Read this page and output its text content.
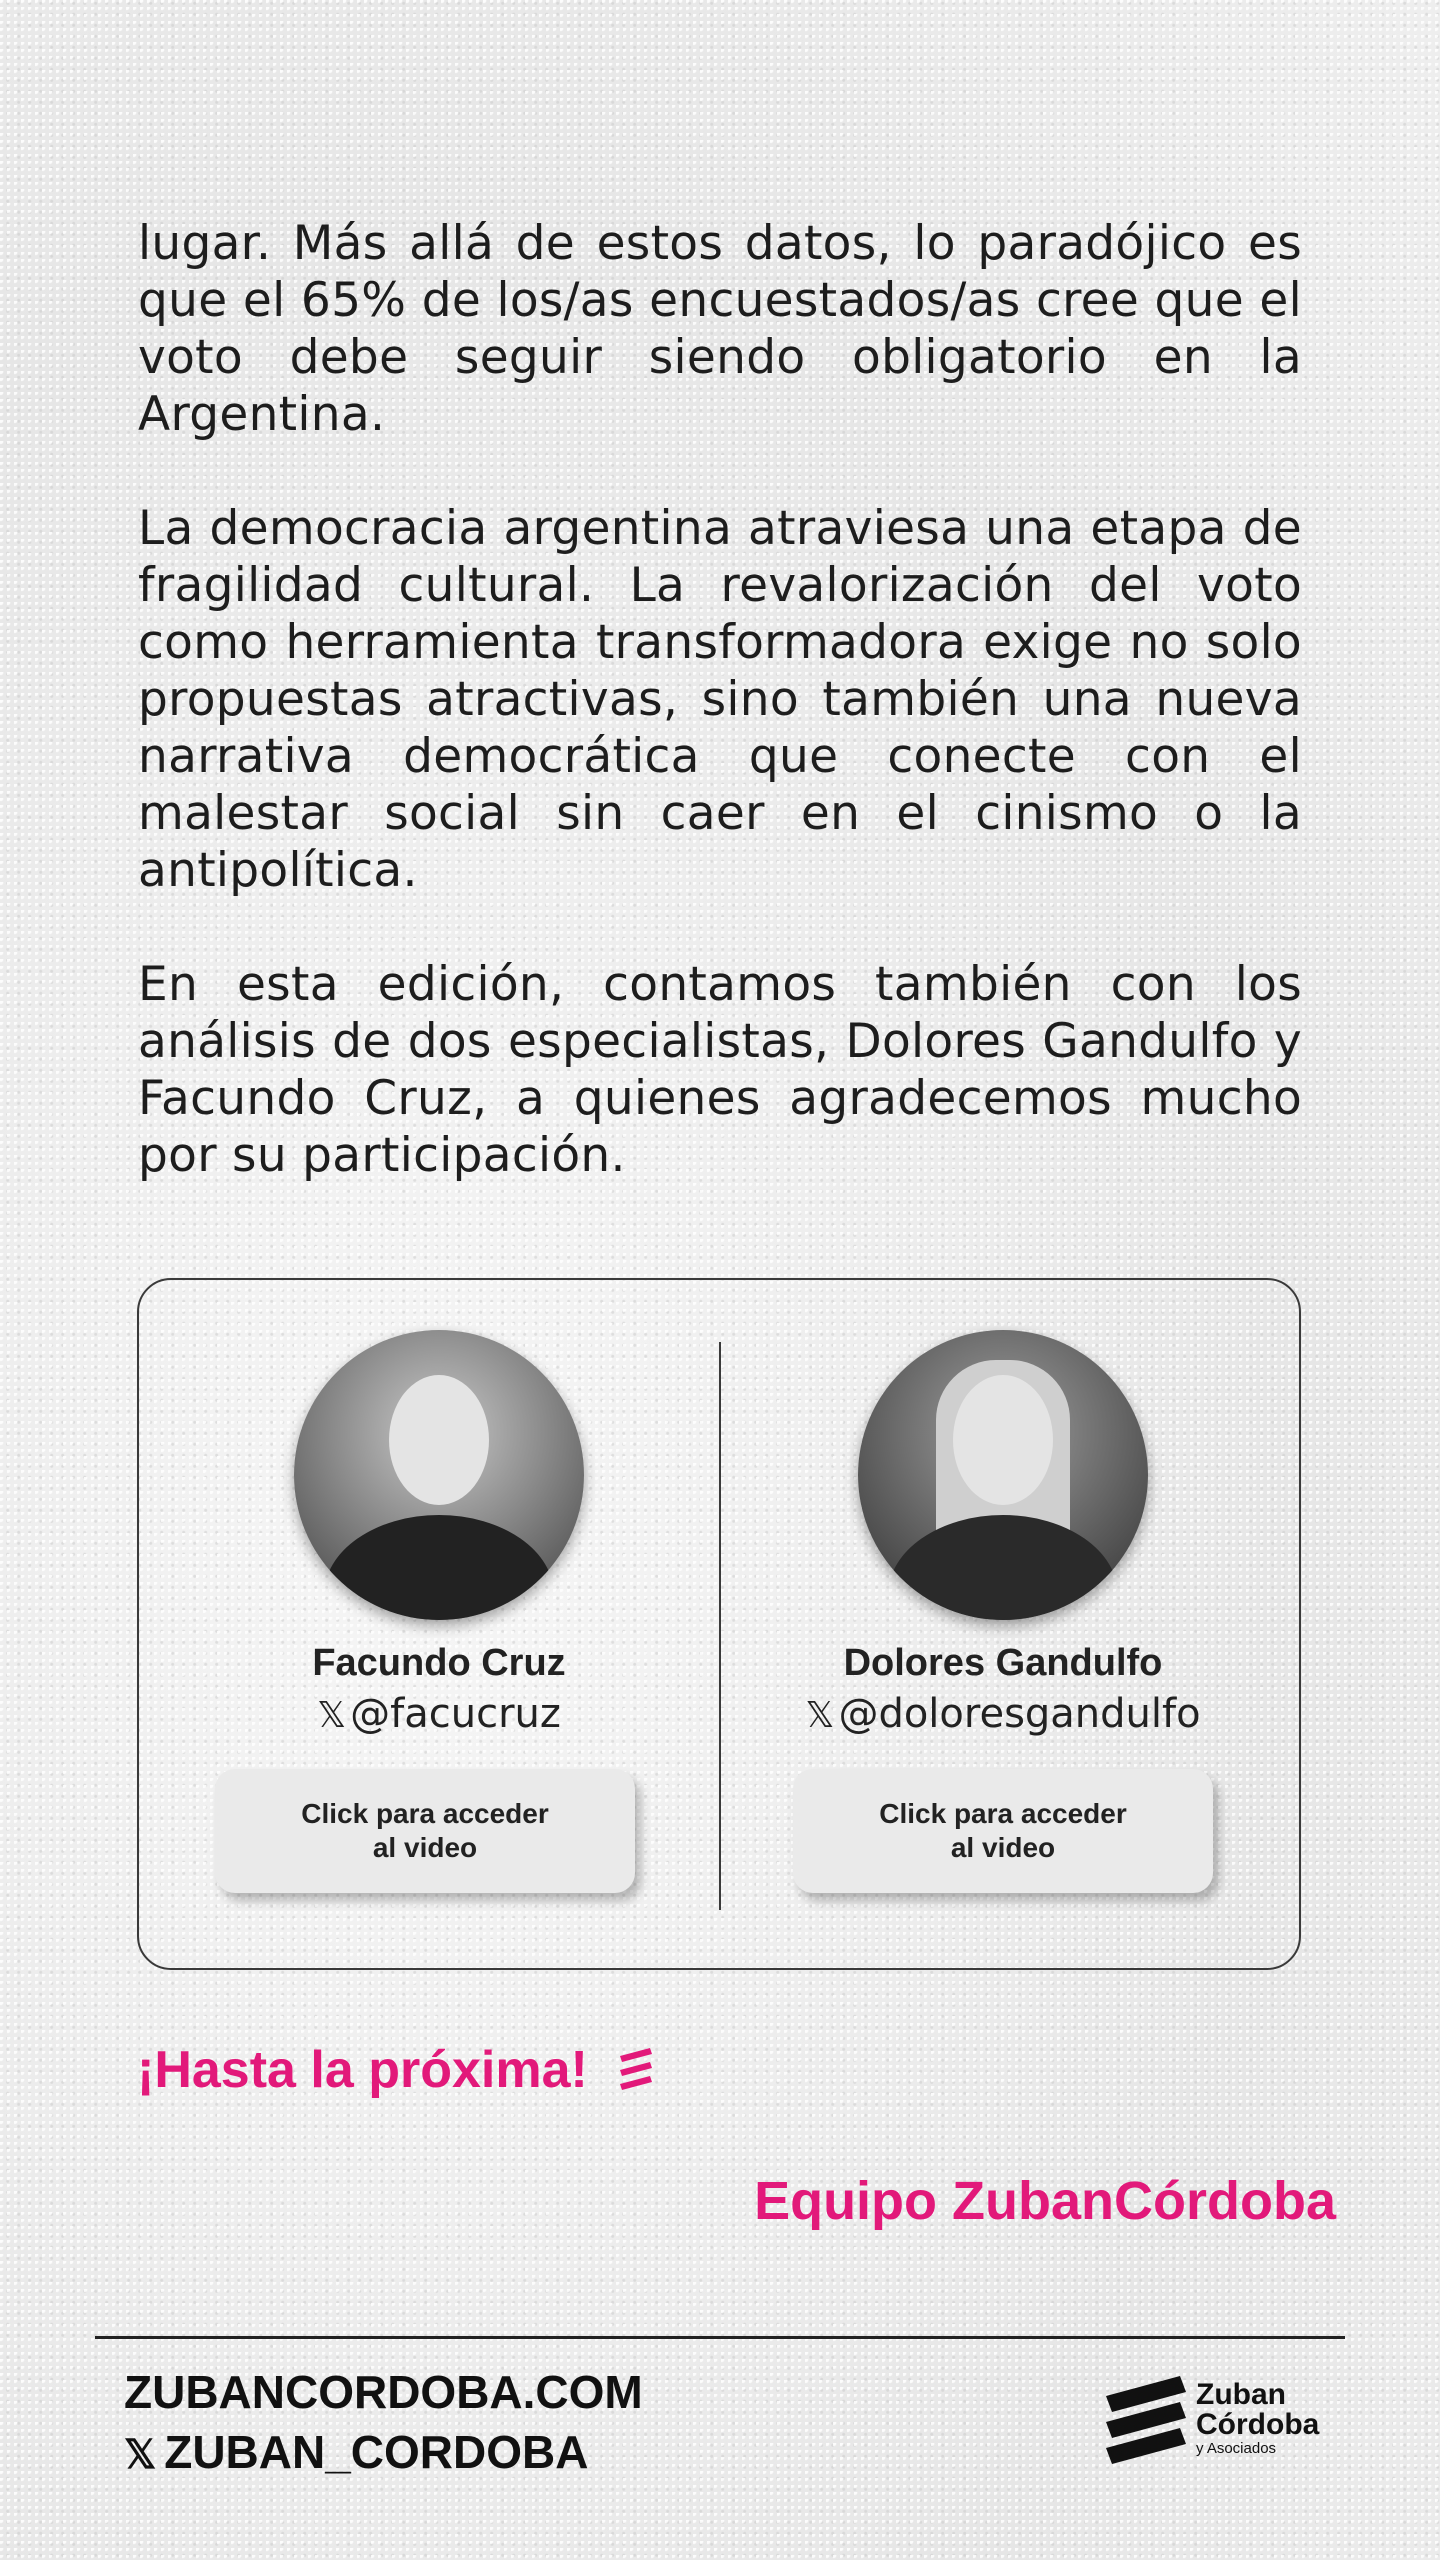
lugar. Más allá de estos datos, lo paradójico es que el 65% de los/as encuestados/as cree que el voto debe seguir siendo obligatorio en la Argentina.

La democracia argentina atraviesa una etapa de fragilidad cultural. La revalorización del voto como herramienta transformadora exige no solo propuestas atractivas, sino también una nueva narrativa democrática que conecte con el malestar social sin caer en el cinismo o la antipolítica.

En esta edición, contamos también con los análisis de dos especialistas, Dolores Gandulfo y Facundo Cruz, a quienes agradecemos mucho por su participación.

Facundo Cruz
𝕏 @facucruz
Click para acceder
al video
Dolores Gandulfo
𝕏 @doloresgandulfo
Click para acceder
al video
¡Hasta la próxima!
Equipo ZubanCórdoba
ZUBANCORDOBA.COM
𝕏 ZUBAN_CORDOBA
Zuban
Córdoba
y Asociados
